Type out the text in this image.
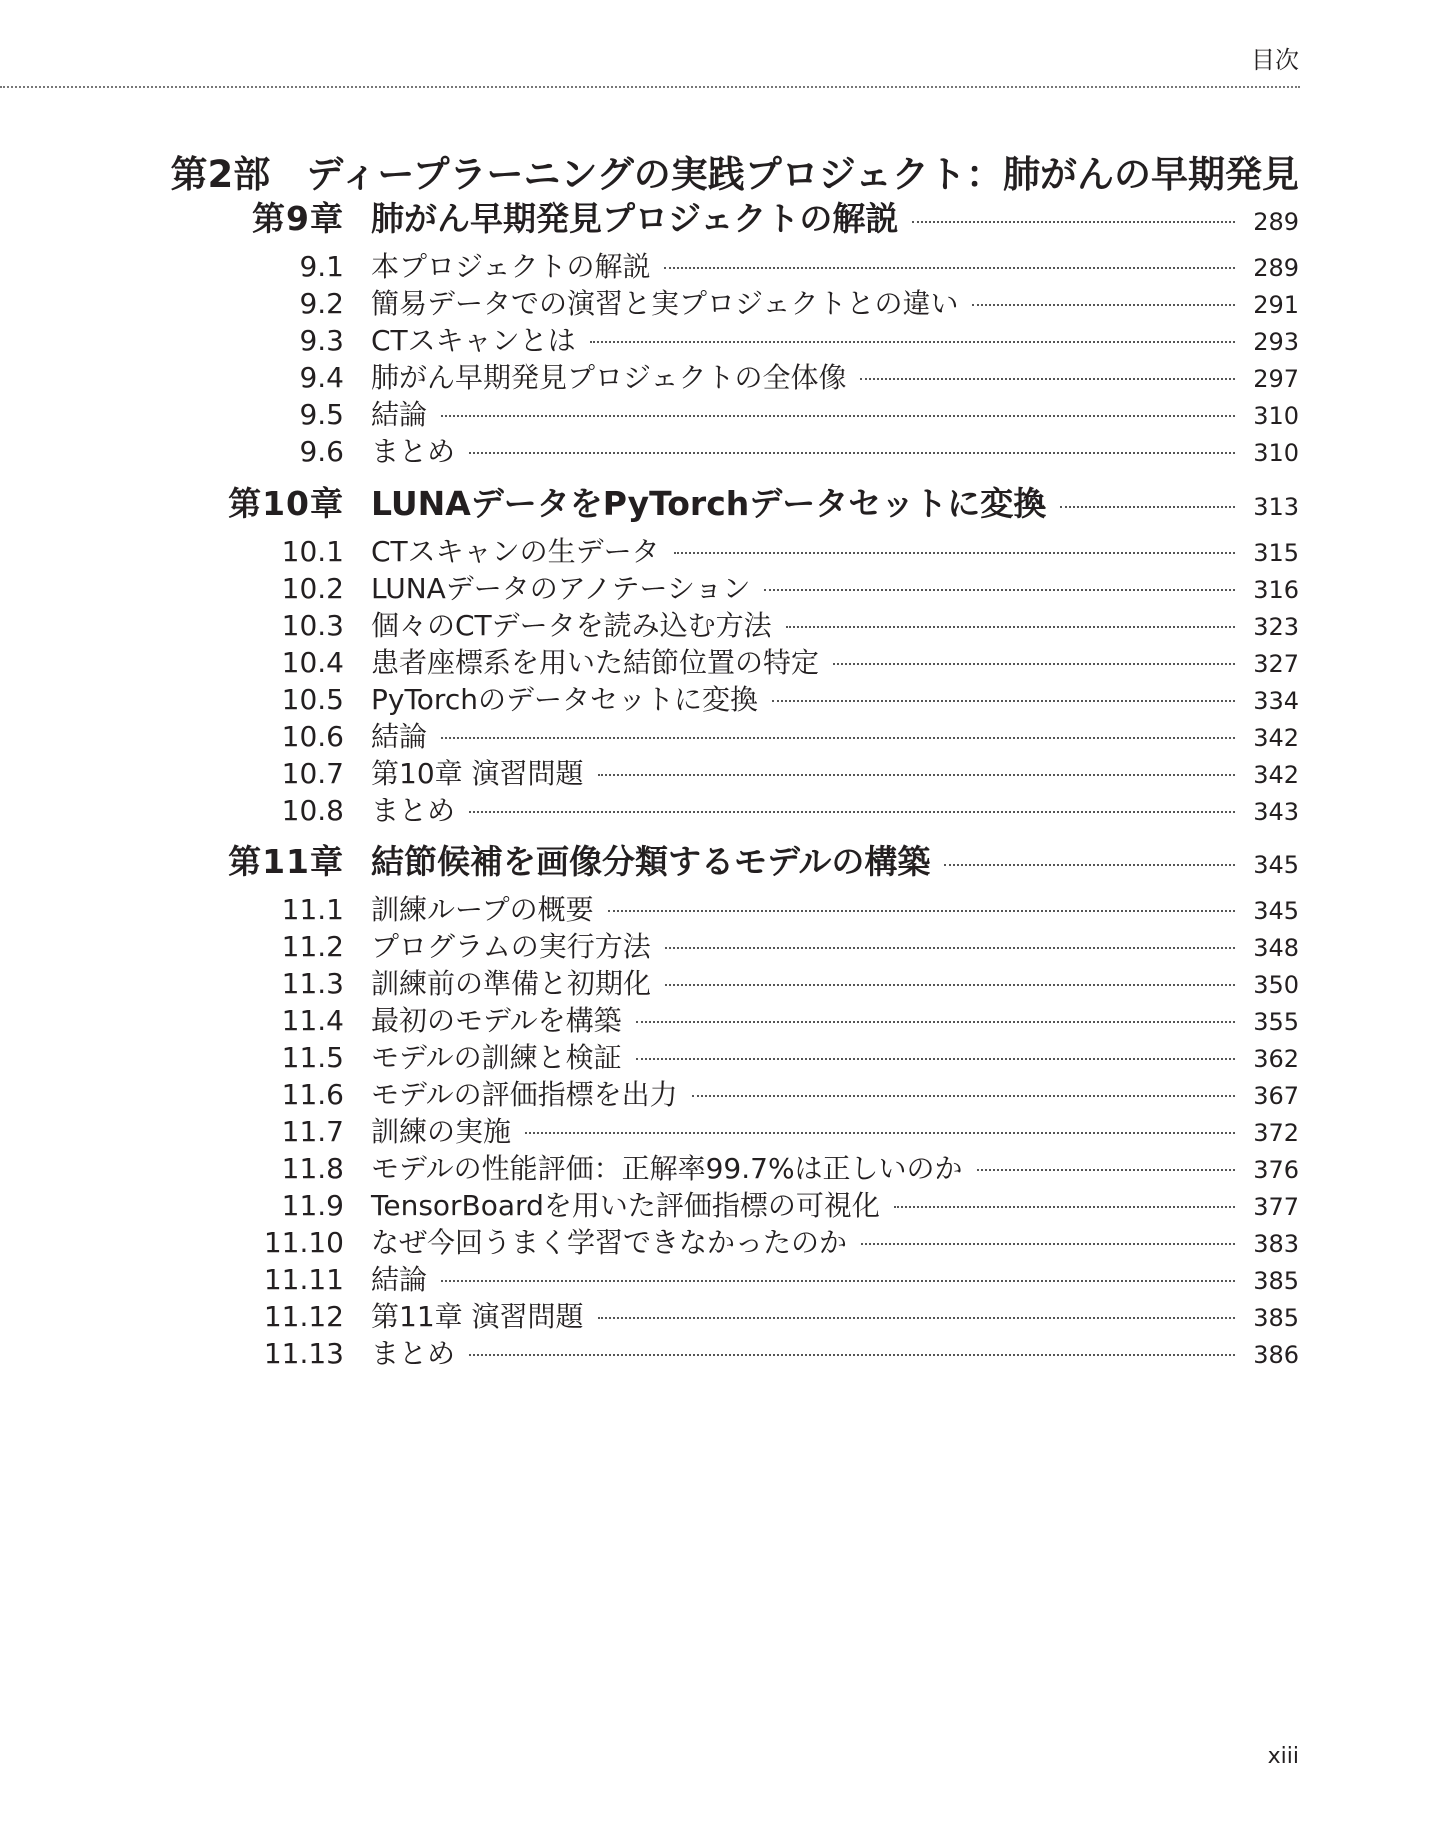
目次
第2部 ディープラーニングの実践プロジェクト：肺がんの早期発見
第9章 肺がん早期発見プロジェクトの解説	289
9.1 本プロジェクトの解説	289
9.2 簡易データでの演習と実プロジェクトとの違い	291
9.3 CTスキャンとは	293
9.4 肺がん早期発見プロジェクトの全体像	297
9.5 結論	310
9.6 まとめ	310
第10章 LUNAデータをPyTorchデータセットに変換	313
10.1 CTスキャンの生データ	315
10.2 LUNAデータのアノテーション	316
10.3 個々のCTデータを読み込む方法	323
10.4 患者座標系を用いた結節位置の特定	327
10.5 PyTorchのデータセットに変換	334
10.6 結論	342
10.7 第10章 演習問題	342
10.8 まとめ	343
第11章 結節候補を画像分類するモデルの構築	345
11.1 訓練ループの概要	345
11.2 プログラムの実行方法	348
11.3 訓練前の準備と初期化	350
11.4 最初のモデルを構築	355
11.5 モデルの訓練と検証	362
11.6 モデルの評価指標を出力	367
11.7 訓練の実施	372
11.8 モデルの性能評価：正解率99.7%は正しいのか	376
11.9 TensorBoardを用いた評価指標の可視化	377
11.10 なぜ今回うまく学習できなかったのか	383
11.11 結論	385
11.12 第11章 演習問題	385
11.13 まとめ	386
xiii
